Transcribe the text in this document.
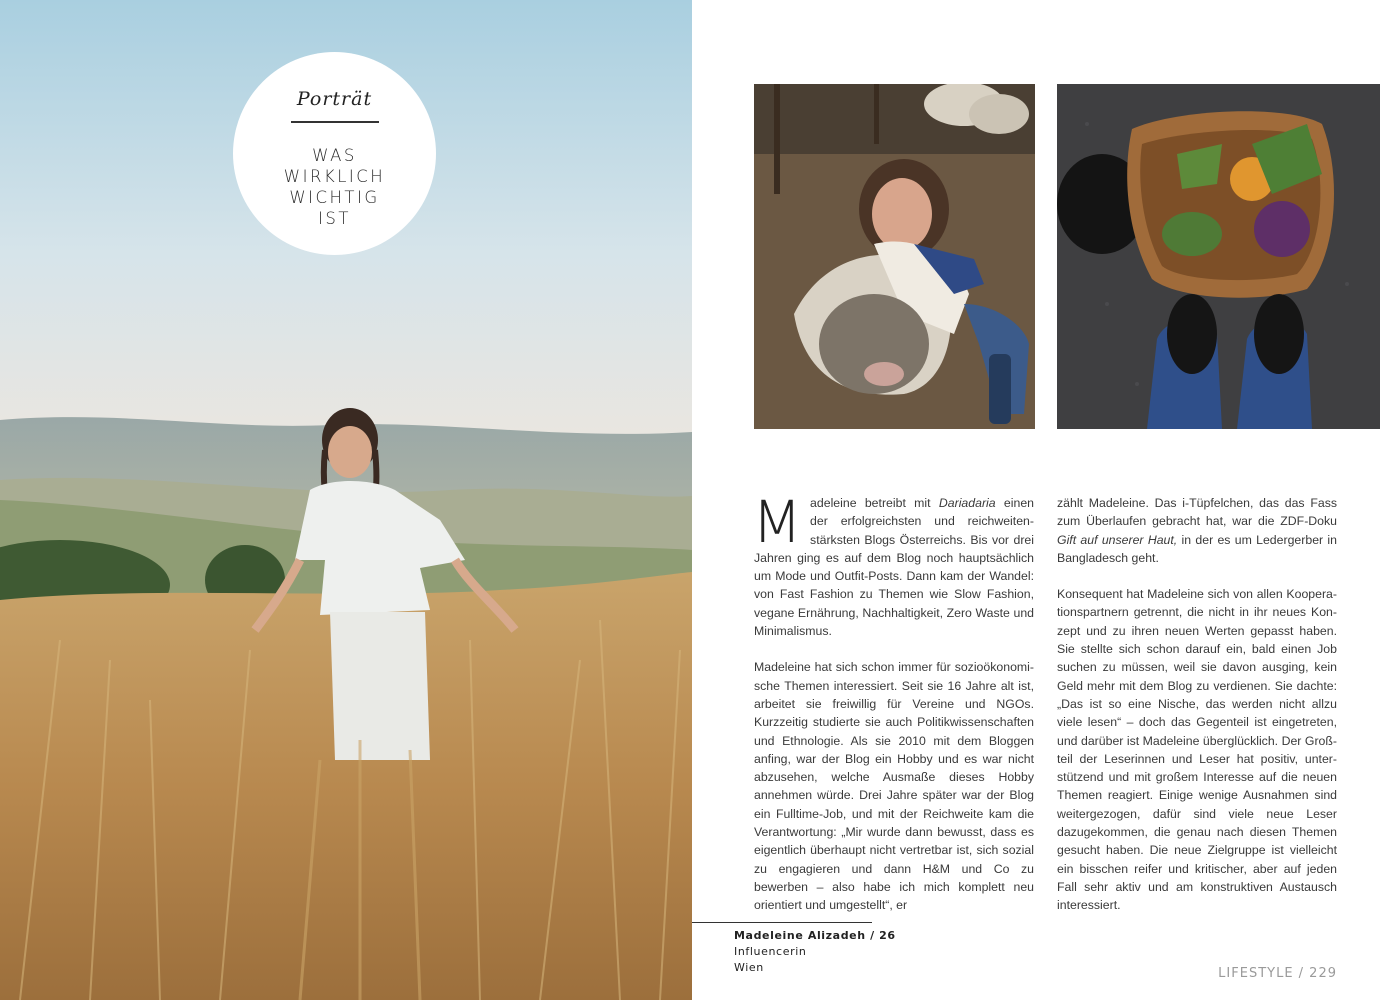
Porträt
WAS
WIRKLICH
WICHTIG
IST

Madeleine betreibt mit Dariadaria einen der erfolgreichsten und reichweitenstärksten Blogs Österreichs. Bis vor drei Jahren ging es auf dem Blog noch hauptsächlich um Mode und Outfit-Posts. Dann kam der Wandel: von Fast Fashion zu Themen wie Slow Fashion, vegane Ernährung, Nachhaltigkeit, Zero Waste und Minimalismus.

Madeleine hat sich schon immer für sozioökonomische Themen interessiert. Seit sie 16 Jahre alt ist, arbeitet sie freiwillig für Vereine und NGOs. Kurzzeitig studierte sie auch Politikwissenschaften und Ethnologie. Als sie 2010 mit dem Bloggen anfing, war der Blog ein Hobby und es war nicht abzusehen, welche Ausmaße dieses Hobby annehmen würde. Drei Jahre später war der Blog ein Fulltime-Job, und mit der Reichweite kam die Verantwortung: „Mir wurde dann bewusst, dass es eigentlich überhaupt nicht vertretbar ist, sich sozial zu engagieren und dann H&M und Co zu bewerben – also habe ich mich komplett neu orientiert und umgestellt“, er

zählt Madeleine. Das i-Tüpfelchen, das das Fass zum Überlaufen gebracht hat, war die ZDF-Doku Gift auf unserer Haut, in der es um Ledergerber in Bangladesch geht.

Konsequent hat Madeleine sich von allen Kooperationspartnern getrennt, die nicht in ihr neues Konzept und zu ihren neuen Werten gepasst haben. Sie stellte sich schon darauf ein, bald einen Job suchen zu müssen, weil sie davon ausging, kein Geld mehr mit dem Blog zu verdienen. Sie dachte: „Das ist so eine Nische, das werden nicht allzu viele lesen“ – doch das Gegenteil ist eingetreten, und darüber ist Madeleine überglücklich. Der Großteil der Leserinnen und Leser hat positiv, unterstützend und mit großem Interesse auf die neuen Themen reagiert. Einige wenige Ausnahmen sind weitergezogen, dafür sind viele neue Leser dazugekommen, die genau nach diesen Themen gesucht haben. Die neue Zielgruppe ist vielleicht ein bisschen reifer und kritischer, aber auf jeden Fall sehr aktiv und am konstruktiven Austausch interessiert.

Madeleine Alizadeh / 26
Influencerin
Wien	LIFESTYLE / 229
